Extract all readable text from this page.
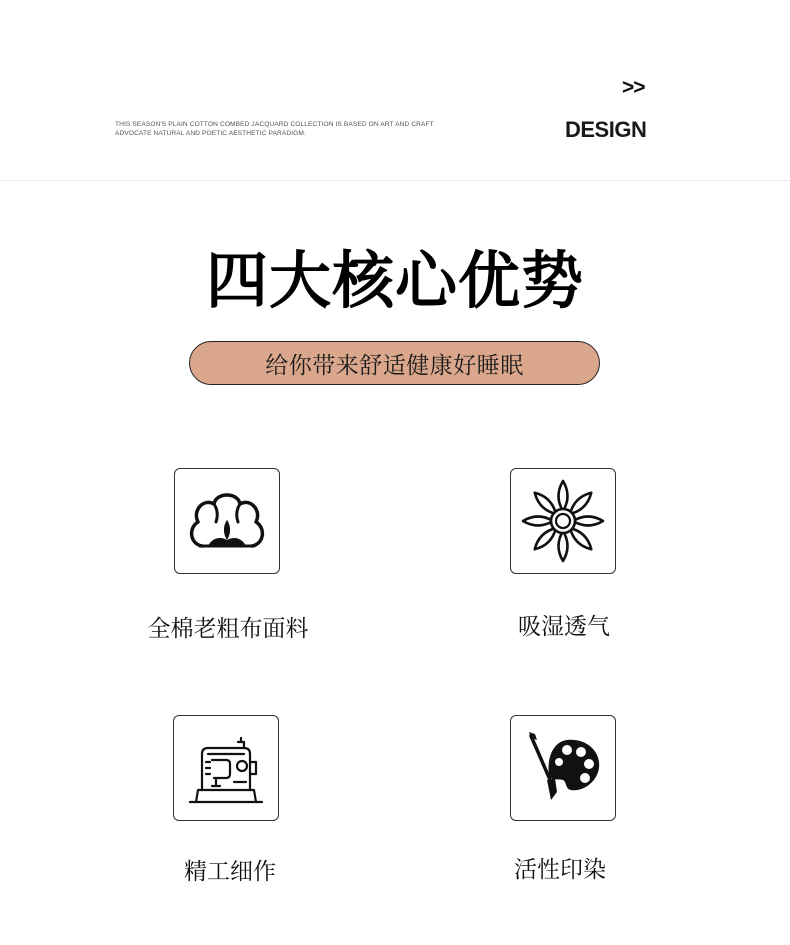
THIS SEASON'S PLAIN COTTON COMBED JACQUARD COLLECTION IS BASED ON ART AND CRAFT
ADVOCATE NATURAL AND POETIC AESTHETIC PARADIGM.
>>
DESIGN
四大核心优势
给你带来舒适健康好睡眠
全棉老粗布面料	吸湿透气
精工细作	活性印染
